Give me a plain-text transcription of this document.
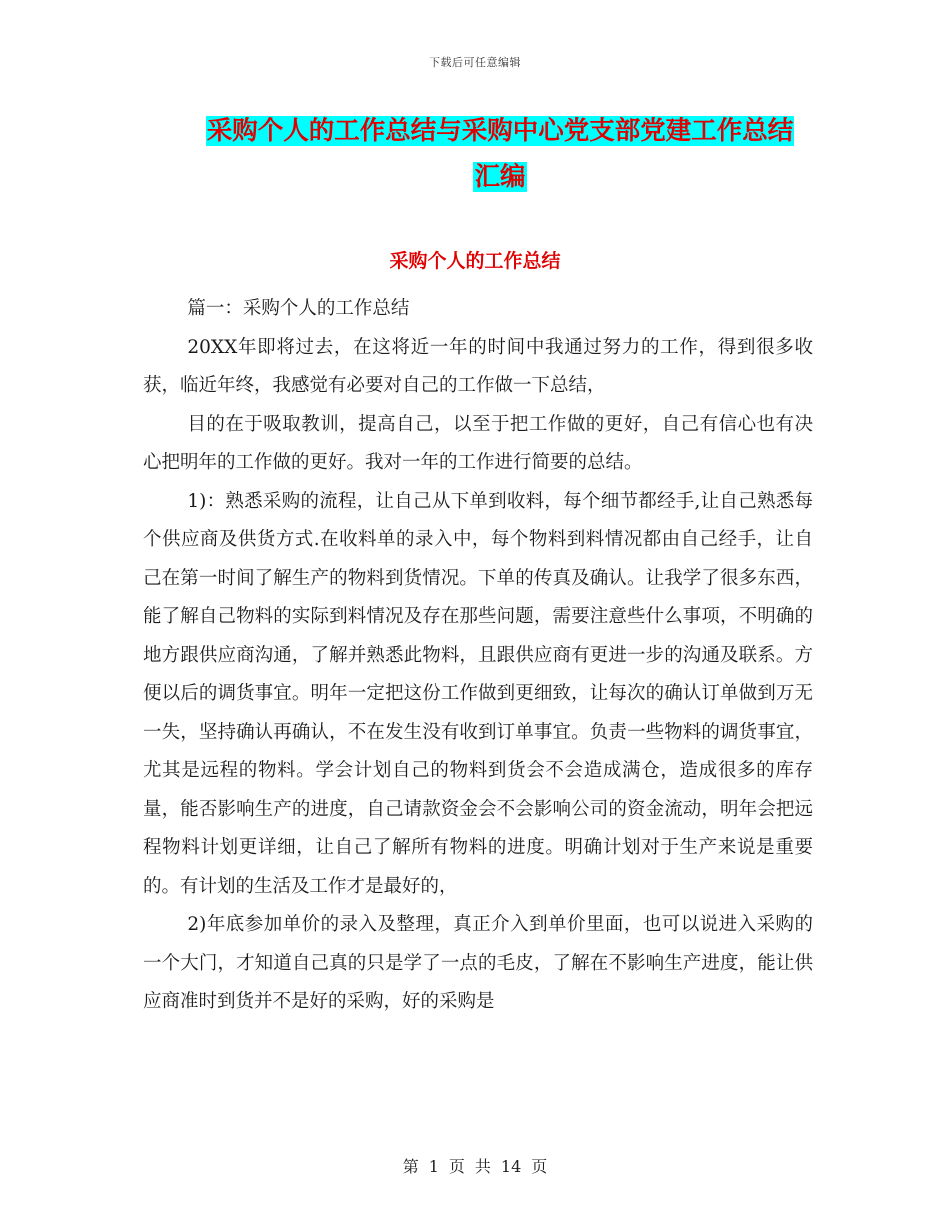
下载后可任意编辑
采购个人的工作总结与采购中心党支部党建工作总结
汇编
采购个人的工作总结

篇一：采购个人的工作总结

20XX年即将过去，在这将近一年的时间中我通过努力的工作，得到很多收获，临近年终，我感觉有必要对自己的工作做一下总结，

目的在于吸取教训，提高自己，以至于把工作做的更好，自己有信心也有决心把明年的工作做的更好。我对一年的工作进行简要的总结。

1)：熟悉采购的流程，让自己从下单到收料，每个细节都经手,让自己熟悉每个供应商及供货方式.在收料单的录入中，每个物料到料情况都由自己经手，让自己在第一时间了解生产的物料到货情况。下单的传真及确认。让我学了很多东西，能了解自己物料的实际到料情况及存在那些问题，需要注意些什么事项，不明确的地方跟供应商沟通，了解并熟悉此物料，且跟供应商有更进一步的沟通及联系。方便以后的调货事宜。明年一定把这份工作做到更细致，让每次的确认订单做到万无一失，坚持确认再确认，不在发生没有收到订单事宜。负责一些物料的调货事宜，尤其是远程的物料。学会计划自己的物料到货会不会造成满仓，造成很多的库存量，能否影响生产的进度，自己请款资金会不会影响公司的资金流动，明年会把远程物料计划更详细，让自己了解所有物料的进度。明确计划对于生产来说是重要的。有计划的生活及工作才是最好的，

2)年底参加单价的录入及整理，真正介入到单价里面，也可以说进入采购的一个大门，才知道自己真的只是学了一点的毛皮，了解在不影响生产进度，能让供应商准时到货并不是好的采购，好的采购是

第 1 页 共 14 页
